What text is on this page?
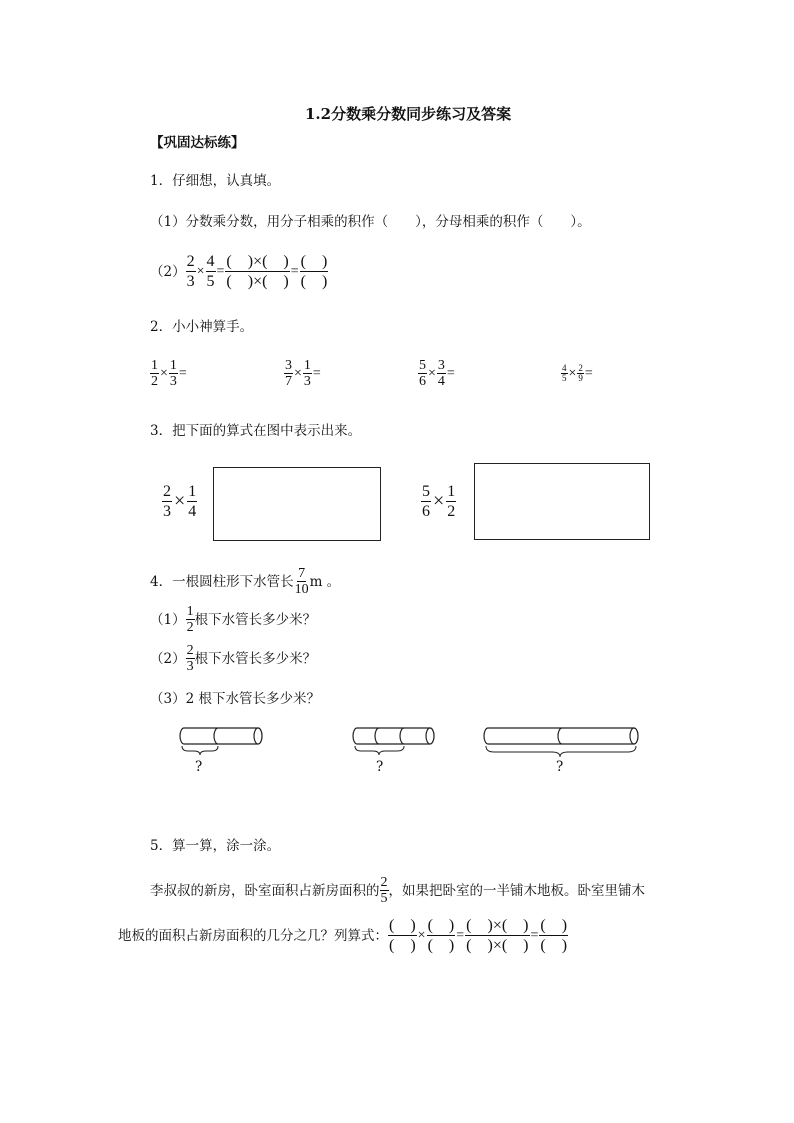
1.2分数乘分数同步练习及答案
【巩固达标练】
1．仔细想，认真填。
（1）分数乘分数，用分子相乘的积作（　　），分母相乘的积作（　　）。
$(2) \frac{2}{3} \times \frac{4}{5} = \frac{( )\times( )}{( )\times( )} = \frac{( )}{( )}$
2．小小神算手。
$\frac{1}{2} \times \frac{1}{3}$ =	$\frac{3}{7} \times \frac{1}{3}$ =	$\frac{5}{6} \times \frac{3}{4}$ =	$\frac{4}{5} \times \frac{2}{9}$ =
3．把下面的算式在图中表示出来。
$\frac{2}{3} \times \frac{1}{4}$	$\frac{5}{6} \times \frac{1}{2}$
4．一根圆柱形下水管长 $\frac{7}{10}$ m 。
$(1) \frac{1}{2}$ 根下水管长多少米？
$(2) \frac{2}{3}$ 根下水管长多少米？
（3） 2 根下水管长多少米？
?	?	?
5．算一算，涂一涂。
李叔叔的新房，卧室面积占新房面积的 $\frac{2}{5}$ ，如果把卧室的一半铺木地板。卧室里铺木
地板的面积占新房面积的几分之几？列算式： $\frac{( )}{( )} \times \frac{( )}{( )} = \frac{( )\times( )}{( )\times( )} = \frac{( )}{( )}$
